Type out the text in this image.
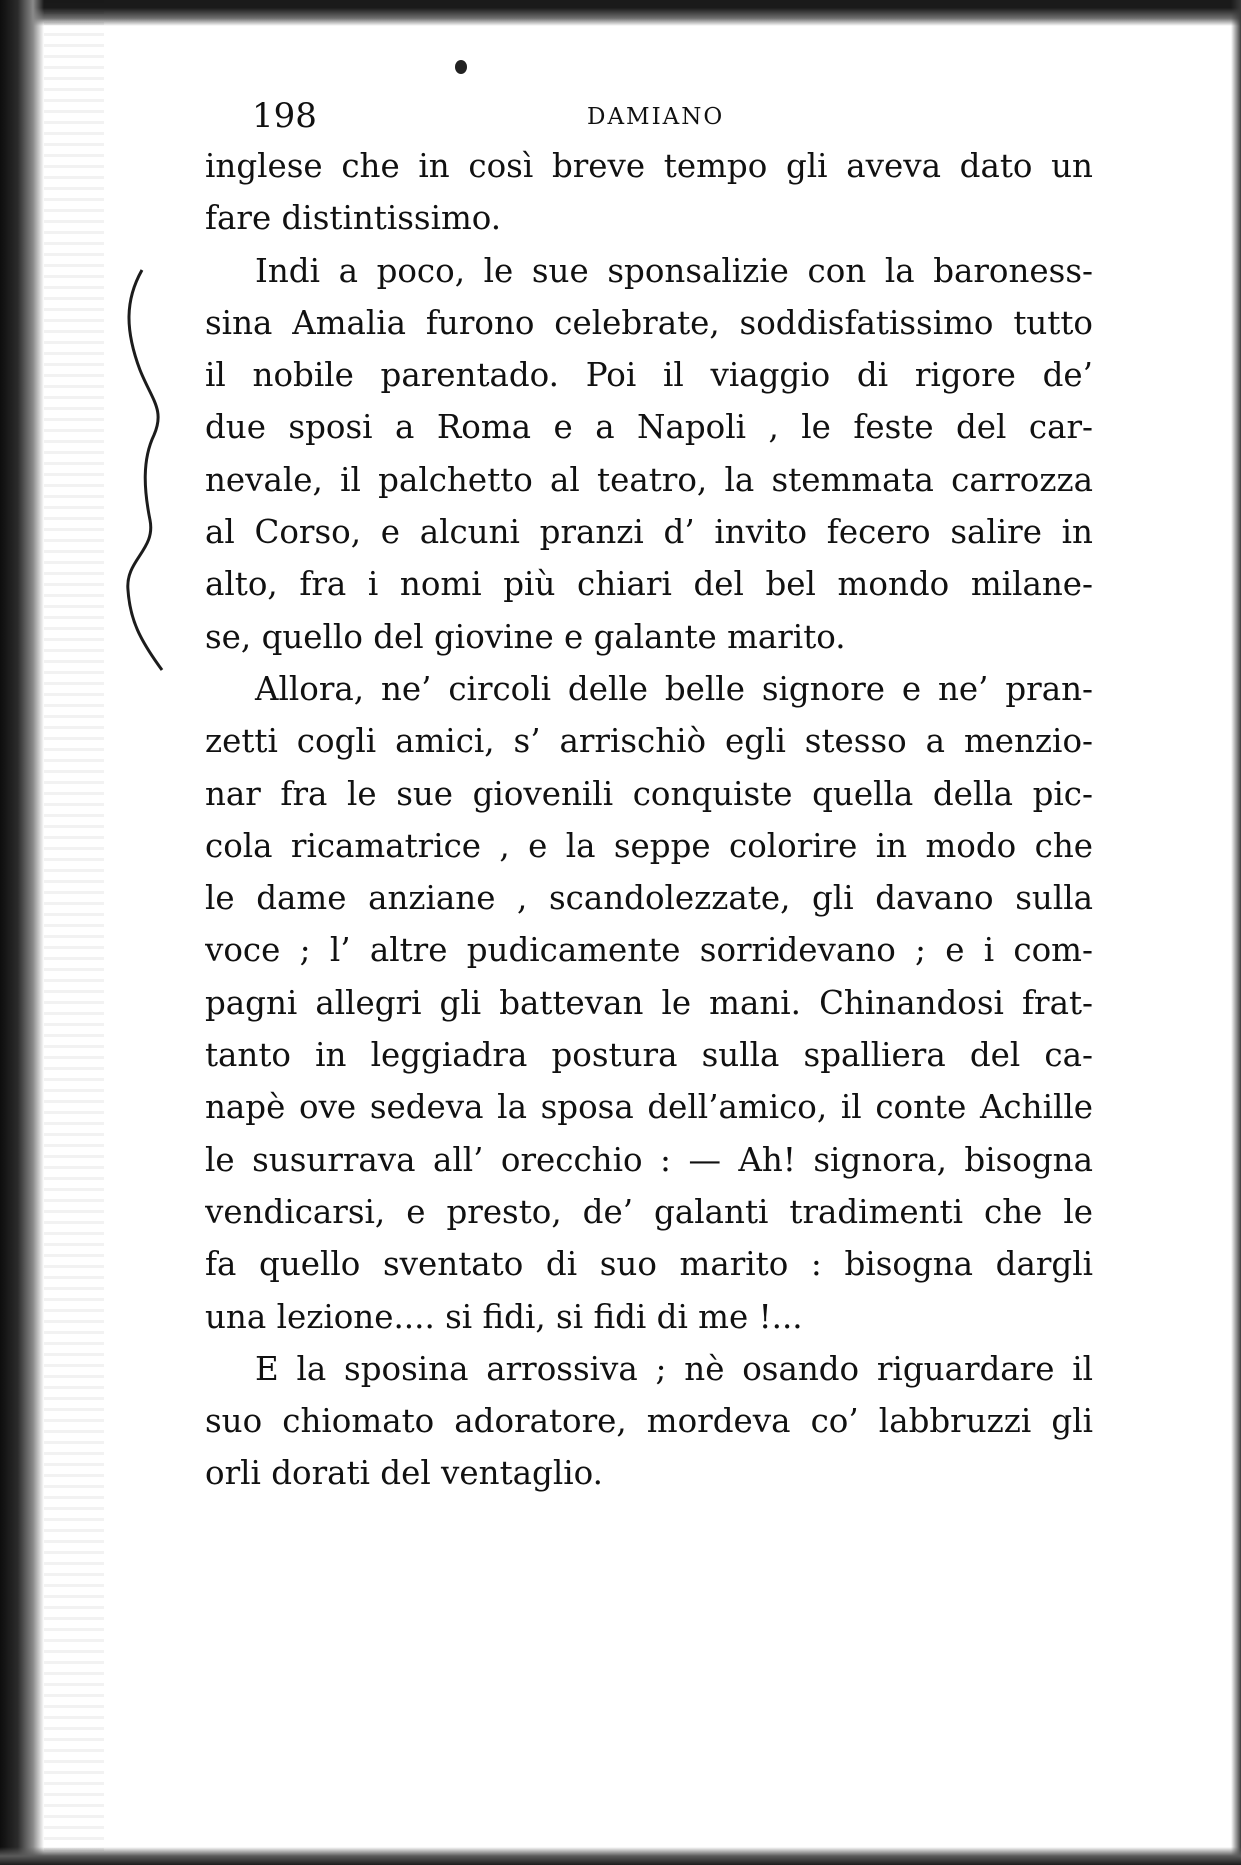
198	DAMIANO
inglese che in così breve tempo gli aveva dato un
fare distintissimo.
Indi a poco, le sue sponsalizie con la baroness-
sina Amalia furono celebrate, soddisfatissimo tutto
il nobile parentado. Poi il viaggio di rigore de’
due sposi a Roma e a Napoli , le feste del car-
nevale, il palchetto al teatro, la stemmata carrozza
al Corso, e alcuni pranzi d’ invito fecero salire in
alto, fra i nomi più chiari del bel mondo milane-
se, quello del giovine e galante marito.
Allora, ne’ circoli delle belle signore e ne’ pran-
zetti cogli amici, s’ arrischiò egli stesso a menzio-
nar fra le sue giovenili conquiste quella della pic-
cola ricamatrice , e la seppe colorire in modo che
le dame anziane , scandolezzate, gli davano sulla
voce ; l’ altre pudicamente sorridevano ; e i com-
pagni allegri gli battevan le mani. Chinandosi frat-
tanto in leggiadra postura sulla spalliera del ca-
napè ove sedeva la sposa dell’amico, il conte Achille
le susurrava all’ orecchio : — Ah! signora, bisogna
vendicarsi, e presto, de’ galanti tradimenti che le
fa quello sventato di suo marito : bisogna dargli
una lezione.... si fidi, si fidi di me !...
E la sposina arrossiva ; nè osando riguardare il
suo chiomato adoratore, mordeva co’ labbruzzi gli
orli dorati del ventaglio.
